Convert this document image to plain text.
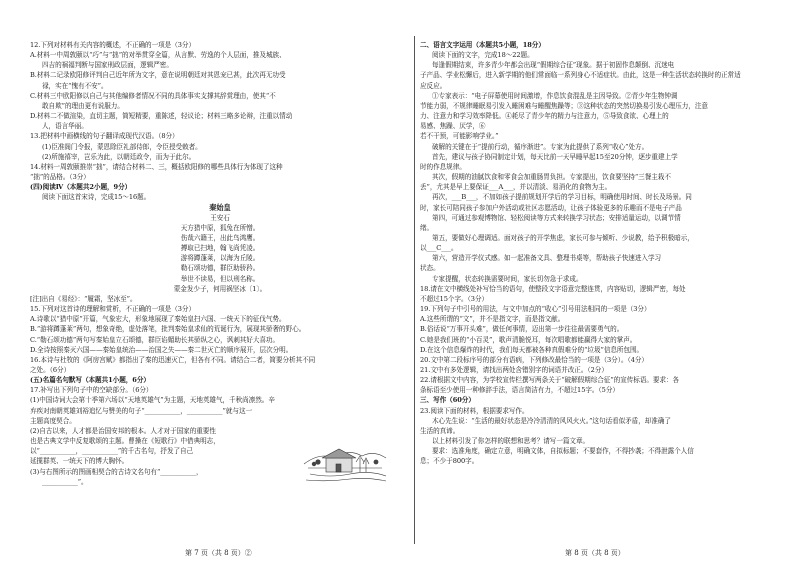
12.下列对材料有关内容的概述，不正确的一项是（3分）

A.材料一中周敦颐以“巧”与“拙”的对举贯穿全篇，从言默、劳逸的个人层面，推及城族、

四吉的祸福判断与国家刑政层面，逻辑严密。

B.材料二记录欧阳修评判自己近年所为文字，意在说明朝廷对其恩宠已甚，此次再无功受

禄，实在“愧有不安”。

C.材料三中欧阳修以自己与其他编修者情况不同的具体事实支撑其辞赏理由，使其“不

敢自欺”的理由更有说服力。

D.材料二不做渲染，直切主题，简短精要，重陈述，轻议论；材料三略多论辩，注重以情动

人，语言华丽。

13.把材料中画横线的句子翻译成现代汉语。（8分）

(1)臣准阁门令报，蒙恩除臣礼部侍郎，令臣授受敕者。

(2)所施禧宰，岂乐为此，以朝廷政令，而为于此尔。

14.材料一周敦颐推崇“拙”，请结合材料二、三，概括欧阳修的哪些具体行为体现了这种

“拙”的品格。（3分）

(四)阅读Ⅳ（本题共2小题，9分）

阅读下面这首宋诗，完成15～16题。

秦始皇

王安石

天方猎中原，狐兔在所憎。

伤哉六籍王，出此鸟鸿鹰。

搏取已扫地，翰飞尚凭凌。

游将蹲蓬莱，以海为丘陵。

勒石颂功德，群臣助骄矜。

举世不读易，但以刑名称。

蒙金发少子，何用祸坚冰〔1〕。

[注]出自《易经》：“履霜，坚冰至”。

15.下列对这首诗的理解和赏析，不正确的一项是（3分）

A.诗歌以“猎中原”开篇，气象宏大，形象地展现了秦始皇扫六国、一统天下的征伐气势。

B.“游将蹲蓬莱”两句，想象奇绝，虚处落笔，批判秦始皇求仙的荒诞行为，展现其骄奢的野心。

C.“勒石颂功德”两句写秦始皇立石颂德，群臣谄媚助长其骄纵之心，讽刺其好大喜功。

D.全诗按照秦灭六国——秦始皇统治——治国之失——秦二世灭亡的顺序展开，层次分明。

16.本诗与杜牧的《阿房宫赋》都指出了秦的迅速灭亡，但各有不同。请结合二者，简要分析其不同

之处。（6分）

(五)名篇名句默写（本题共1小题，6分）

17.补写出下列句子中的空缺部分。（6分）

(1)中国诗词大会第十季第六场以“天地英雄气”为主题，天地英雄气，千秋尚凛然。辛

弃疾对南朝英雄刘裕追忆与赞美的句子“___________，___________”就与这一

主题高度契合。

(2)自古以来，人才都是治国安邦的根本。人才对于国家的重要性

也是古典文学中反复歌颂的主题。曹操在《短歌行》中借典明志，

以“___________，___________”的千古名句，抒发了自己

延揽群英、一统天下的博大胸怀。

(3)与右图所示的图画相契合的古诗文名句有“___________，

___________”。

二、语言文字运用（本题共5小题，18分）

阅读下面的文字，完成18～22题。

每逢假期结束，许多青少年都会出现“假期综合征”现象。据于初固作息颠倒、沉迷电

子产品、学业松懈后，进入新学期的他们常面临一系列身心不适症状。由此，这是一种生活状态转换时的正常适

应反应。

①专家表示：“电子屏幕使用时间激增，作息饮食混乱是主因导致。②青少年生物钟调

节能力弱，不规律睡眠易引发入睡困难与睡醒焦躁等；③这种状态的突然切换易引发心理压力，注意

力、注意力和学习效率降低。④耗尽了青少年的精力与注意力，⑤导致食欲、心理上的

易感、焦躁、厌学，⑥

若不干预，可能影响学业。”

破解的关键在于“提前行动，循序渐进”。专家为此提供了系列“收心”处方。

首先，建议与孩子协同制定计划，每天比前一天早睡早起15至20分钟，逐步重建上学

时的作息规律。

其次，假期的油腻饮食和零食会加重肠胃负担。专家提出，饮食要坚持“三餐主栽不

丢”，尤其是早上要保证___A___，并以清淡、易消化的食物为主。

再次，___B___，不加如孩子提前规划开学后的学习目标，明确使用时间、时长及场景。同

时，家长可陪同孩子参加户外活动或社区志愿活动，让孩子体验更多的乐趣而不是电子产品

第四，可通过参观博物馆、轻松阅读等方式来转换学习状态；安排适量运动，以调节情

绪。

第五，要做好心理调适。面对孩子的开学焦虑，家长可参与倾听、少说教，给予积极暗示，

以___C___。

第六，营造开学仪式感。如一起准备文具、整理书桌等，帮助孩子快速进入学习

状态。

专家提醒，状态转换需要时间，家长切勿急于求成。

18.请在文中横线处补写恰当的语句，使整段文字语意完整连贯，内容贴切，逻辑严密，每处

不超过15个字。（3分）

19.下列句子中引号的用法，与文中加点的“收心”引号用法相同的一项是（3分）

A.这些所谓的“文”，并不是指文字，而是指文献。

B.俗话说“万事开头难”，做任何事情，迈出第一步往往最需要勇气的。

C.她是我们班的“小百灵”，歌声清脆悦耳，每次唱歌都能赢得大家的掌声。

D.在这个信息爆炸的时代，我们每天都被各种真假难分的“垃圾”信息所包围。

20.文中第二段标序号的部分有语病，下列修改最恰当的一项是（3分）。（4分）

21.文中有多处逻辑，请找出两处含错别字的词语并改正。（2分）

22.请根据文中内容，为学校宣传栏撰写两条关于“破解假期综合征”的宣传标语。要求：各

条标语至少使用一种修辞手法，语言简洁有力，不超过15字。（5分）

三、写作（60分）

23.阅读下面的材料，根据要求写作。

木心先生说：“生活的最好状态是冷冷清清的风风火火。”这句话看似矛盾，却准确了

生活的真谛。

以上材料引发了你怎样的联想和思考？请写一篇文章。

要求：选准角度，确定立意，明确文体，自拟标题；不要套作，不得抄袭；不得泄露个人信

息；不少于800字。

第 7 页（共 8 页）②	第 8 页（共 8 页）
